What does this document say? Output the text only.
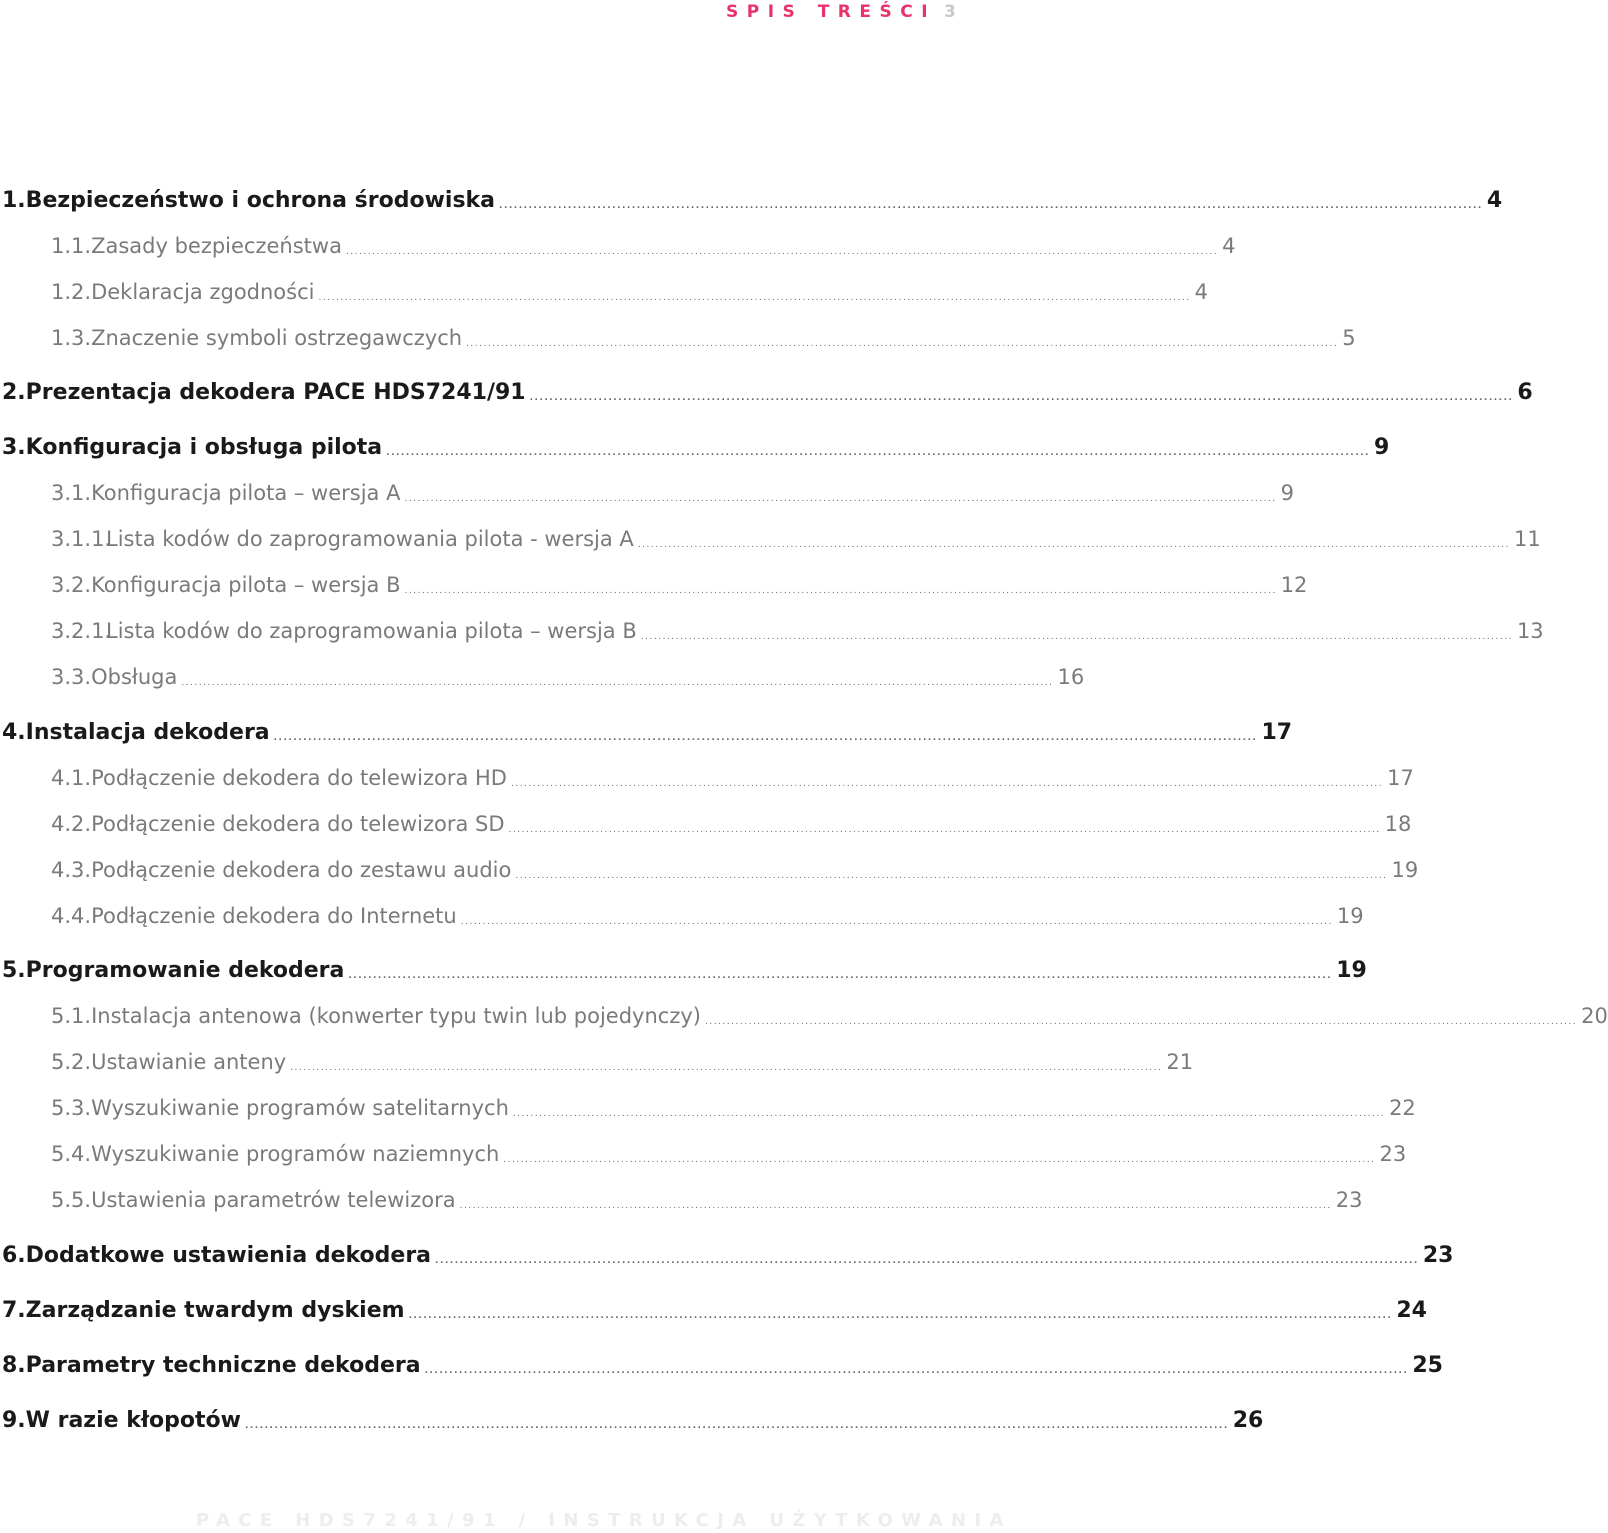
SPIS TREŚCI 3
1. Bezpieczeństwo i ochrona środowiska ........................................................................................................................................................................................................ 4
1.1. Zasady bezpieczeństwa ........................................................................................................................................................................................................ 4
1.2. Deklaracja zgodności ........................................................................................................................................................................................................ 4
1.3. Znaczenie symboli ostrzegawczych ........................................................................................................................................................................................................ 5
2. Prezentacja dekodera PACE HDS7241/91 ........................................................................................................................................................................................................ 6
3. Konfiguracja i obsługa pilota ........................................................................................................................................................................................................ 9
3.1. Konfiguracja pilota – wersja A ........................................................................................................................................................................................................ 9
3.1.1.
Lista kodów do zaprogramowania pilota - wersja A ........................................................................................................................................................................................................ 11
3.2. Konfiguracja pilota – wersja B ........................................................................................................................................................................................................ 12
3.2.1.
Lista kodów do zaprogramowania pilota – wersja B ........................................................................................................................................................................................................ 13
3.3. Obsługa ........................................................................................................................................................................................................ 16
4. Instalacja dekodera ........................................................................................................................................................................................................ 17
4.1. Podłączenie dekodera do telewizora HD ........................................................................................................................................................................................................ 17
4.2. Podłączenie dekodera do telewizora SD ........................................................................................................................................................................................................ 18
4.3. Podłączenie dekodera do zestawu audio ........................................................................................................................................................................................................ 19
4.4. Podłączenie dekodera do Internetu ........................................................................................................................................................................................................ 19
5. Programowanie dekodera ........................................................................................................................................................................................................ 19
5.1. Instalacja antenowa (konwerter typu twin lub pojedynczy) ........................................................................................................................................................................................................ 20
5.2. Ustawianie anteny ........................................................................................................................................................................................................ 21
5.3. Wyszukiwanie programów satelitarnych ........................................................................................................................................................................................................ 22
5.4. Wyszukiwanie programów naziemnych ........................................................................................................................................................................................................ 23
5.5. Ustawienia parametrów telewizora ........................................................................................................................................................................................................ 23
6. Dodatkowe ustawienia dekodera ........................................................................................................................................................................................................ 23
7. Zarządzanie twardym dyskiem ........................................................................................................................................................................................................ 24
8. Parametry techniczne dekodera ........................................................................................................................................................................................................ 25
9. W razie kłopotów ........................................................................................................................................................................................................ 26
PACE HDS7241/91 / INSTRUKCJA UŻYTKOWANIA
